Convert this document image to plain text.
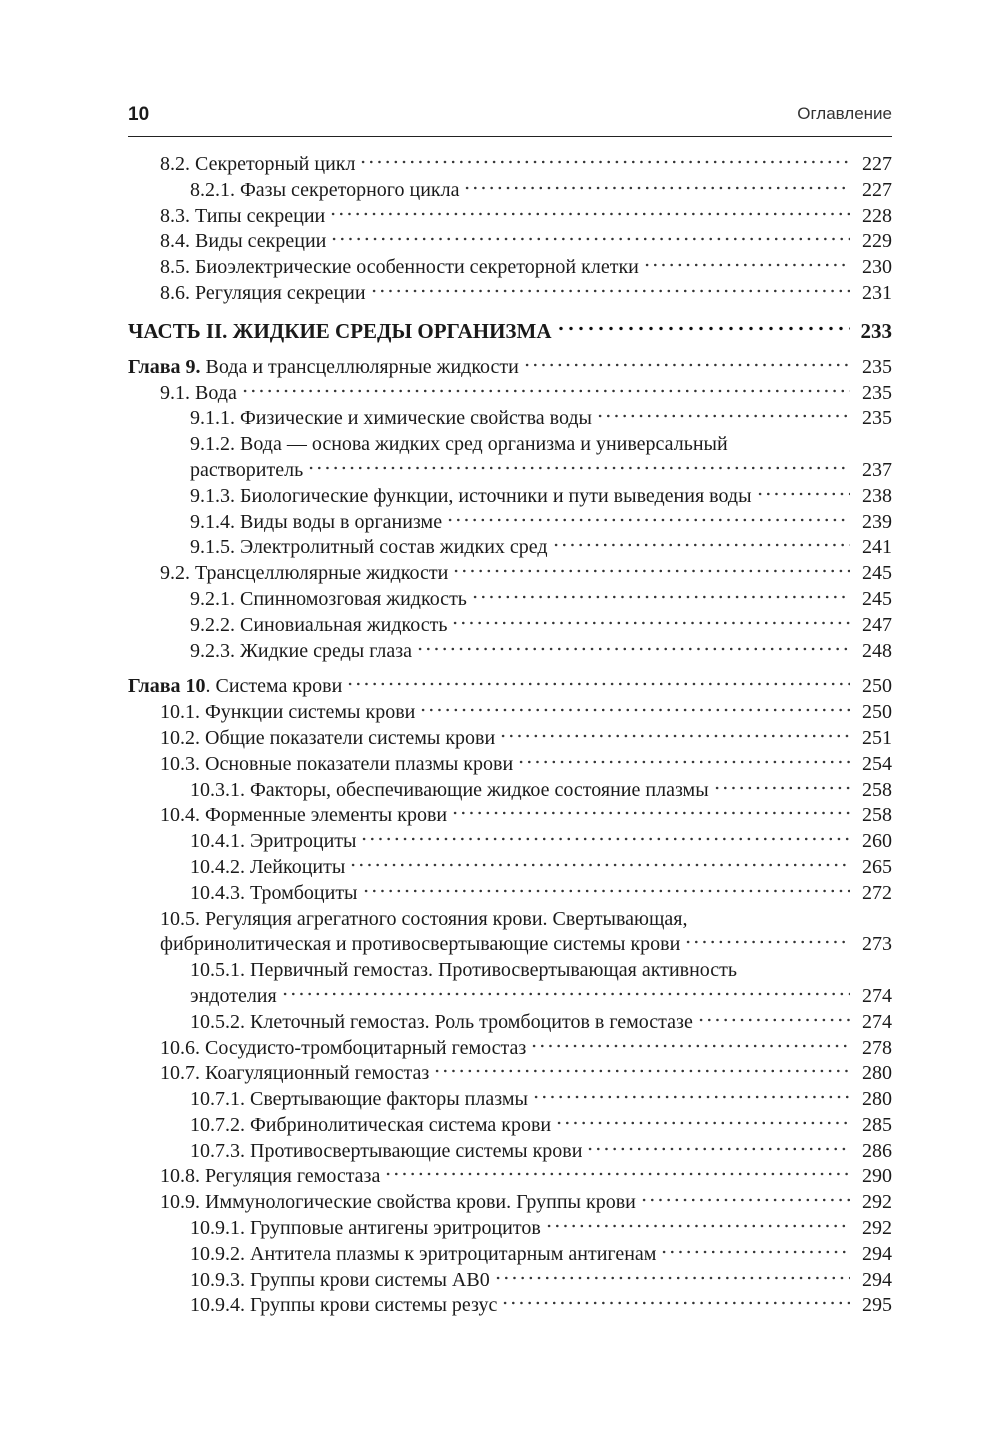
10	Оглавление
8.2. Секреторный цикл	227
8.2.1. Фазы секреторного цикла	227
8.3. Типы секреции	228
8.4. Виды секреции	229
8.5. Биоэлектрические особенности секреторной клетки	230
8.6. Регуляция секреции	231
ЧАСТЬ II. ЖИДКИЕ СРЕДЫ ОРГАНИЗМА	233
Глава 9. Вода и трансцеллюлярные жидкости	235
9.1. Вода	235
9.1.1. Физические и химические свойства воды	235
9.1.2. Вода — основа жидких сред организма и универсальный
растворитель	237
9.1.3. Биологические функции, источники и пути выведения воды	238
9.1.4. Виды воды в организме	239
9.1.5. Электролитный состав жидких сред	241
9.2. Трансцеллюлярные жидкости	245
9.2.1. Спинномозговая жидкость	245
9.2.2. Синовиальная жидкость	247
9.2.3. Жидкие среды глаза	248
Глава 10. Система крови	250
10.1. Функции системы крови	250
10.2. Общие показатели системы крови	251
10.3. Основные показатели плазмы крови	254
10.3.1. Факторы, обеспечивающие жидкое состояние плазмы	258
10.4. Форменные элементы крови	258
10.4.1. Эритроциты	260
10.4.2. Лейкоциты	265
10.4.3. Тромбоциты	272
10.5. Регуляция агрегатного состояния крови. Свертывающая,
фибринолитическая и противосвертывающие системы крови	273
10.5.1. Первичный гемостаз. Противосвертывающая активность
эндотелия	274
10.5.2. Клеточный гемостаз. Роль тромбоцитов в гемостазе	274
10.6. Сосудисто-тромбоцитарный гемостаз	278
10.7. Коагуляционный гемостаз	280
10.7.1. Свертывающие факторы плазмы	280
10.7.2. Фибринолитическая система крови	285
10.7.3. Противосвертывающие системы крови	286
10.8. Регуляция гемостаза	290
10.9. Иммунологические свойства крови. Группы крови	292
10.9.1. Групповые антигены эритроцитов	292
10.9.2. Антитела плазмы к эритроцитарным антигенам	294
10.9.3. Группы крови системы АВ0	294
10.9.4. Группы крови системы резус	295
